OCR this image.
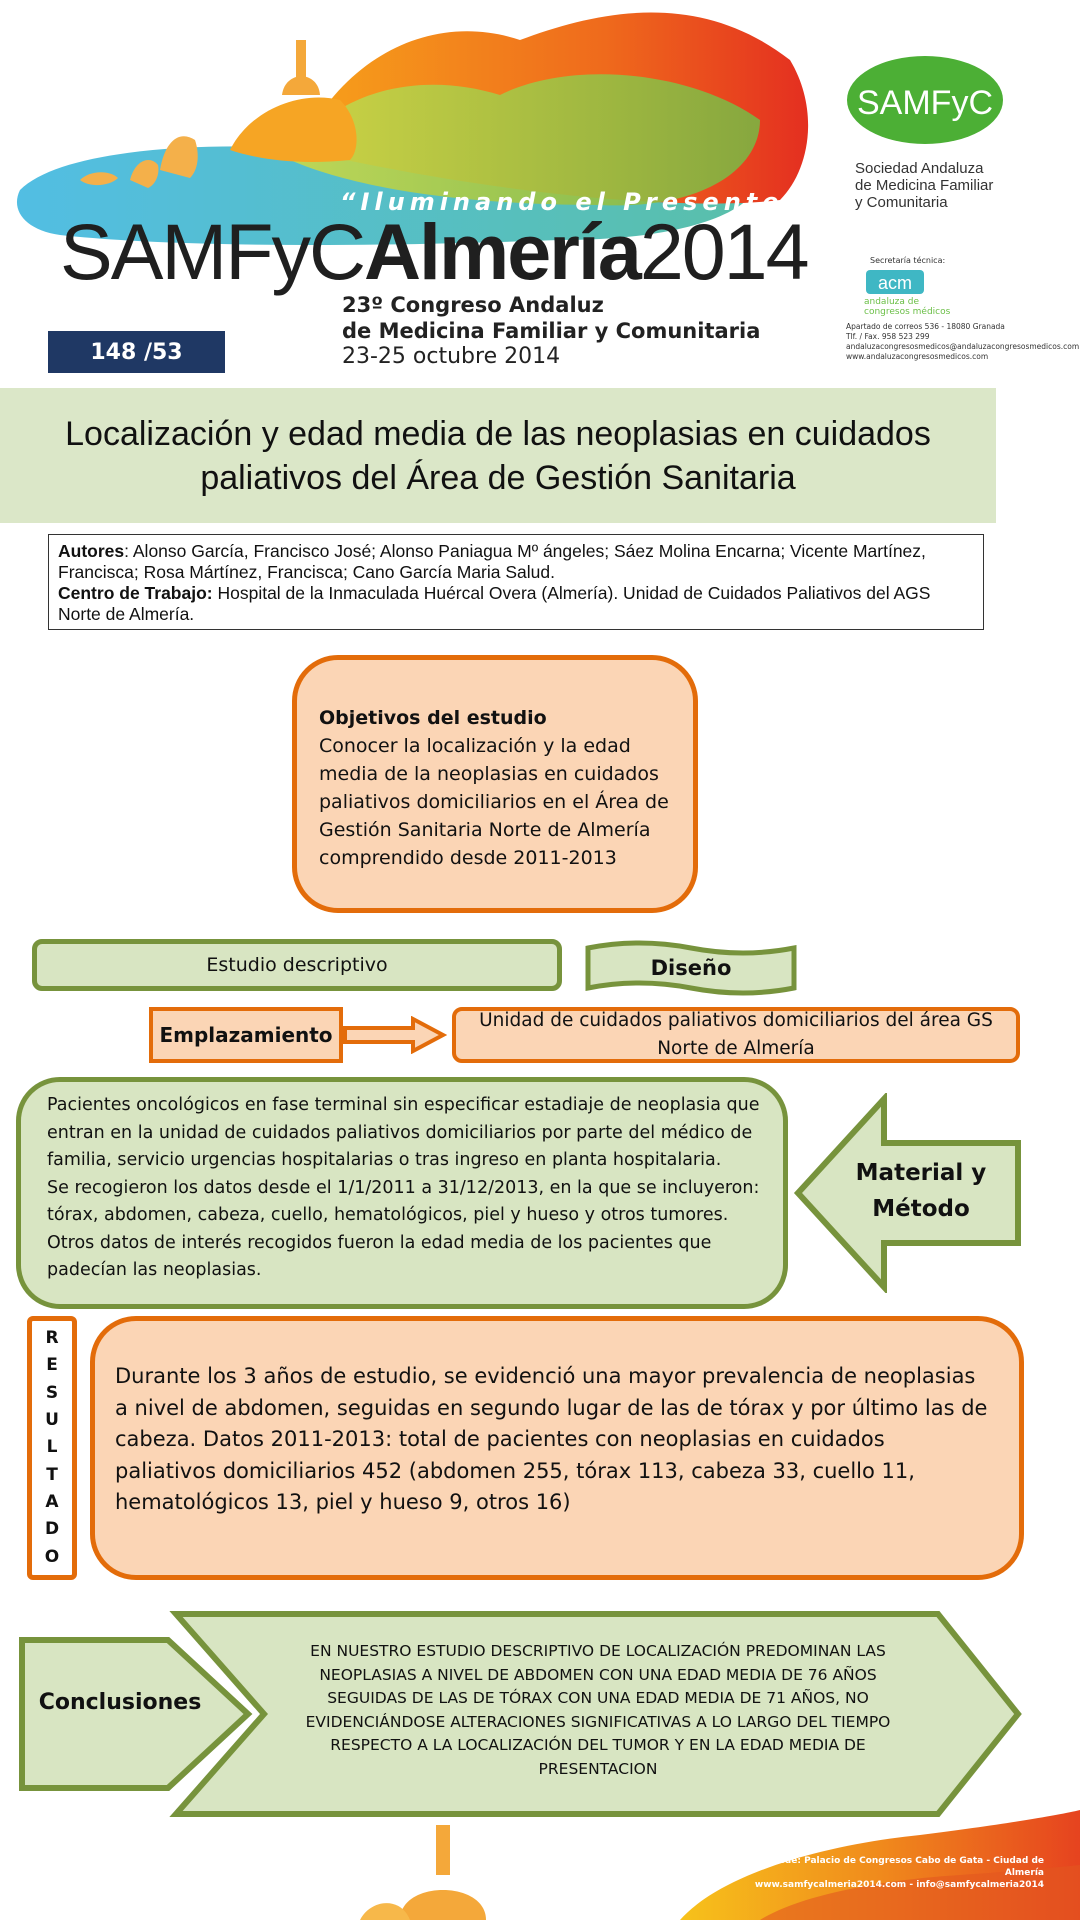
“Iluminando el Presente”
SAMFyCAlmería2014
23º Congreso Andaluz
de Medicina Familiar y Comunitaria
23-25 octubre 2014
148 /53
SAMFyC
Sociedad Andaluza
de Medicina Familiar
y Comunitaria
Secretaría técnica:
acm
andaluza de
congresos médicos
Apartado de correos 536 - 18080 Granada
Tlf. / Fax. 958 523 299
andaluzacongresosmedicos@andaluzacongresosmedicos.com
www.andaluzacongresosmedicos.com
Localización y edad media de las neoplasias en cuidados
paliativos del Área de Gestión Sanitaria
Autores: Alonso García, Francisco José; Alonso Paniagua Mº ángeles; Sáez Molina Encarna; Vicente Martínez, Francisca; Rosa Mártínez, Francisca; Cano García Maria Salud.
Centro de Trabajo: Hospital de la Inmaculada Huércal Overa (Almería). Unidad de Cuidados Paliativos del AGS Norte de Almería.
Objetivos del estudio
Conocer la localización y la edad media de la neoplasias en cuidados paliativos domiciliarios en el Área de Gestión Sanitaria Norte de Almería comprendido desde 2011-2013
Estudio descriptivo	Diseño
Emplazamiento
Unidad de cuidados paliativos domiciliarios del área GS Norte de Almería

Pacientes oncológicos en fase terminal sin especificar estadiaje de neoplasia que entran en la unidad de cuidados paliativos domiciliarios por parte del médico de familia, servicio urgencias hospitalarias o tras ingreso en planta hospitalaria.

Se recogieron los datos desde el 1/1/2011 a 31/12/2013, en la que se incluyeron: tórax, abdomen, cabeza, cuello, hematológicos, piel y hueso y otros tumores. Otros datos de interés recogidos fueron la edad media de los pacientes que padecían las neoplasias.

Material y
Método
R
E
S
U
L
T
A
D
O
Durante los 3 años de estudio, se evidenció una mayor prevalencia de neoplasias a nivel de abdomen, seguidas en segundo lugar de las de tórax y por último las de cabeza. Datos 2011-2013: total de pacientes con neoplasias en cuidados paliativos domiciliarios 452 (abdomen 255, tórax 113, cabeza 33, cuello 11, hematológicos 13, piel y hueso 9, otros 16)
Conclusiones
EN NUESTRO ESTUDIO DESCRIPTIVO DE LOCALIZACIÓN PREDOMINAN LAS NEOPLASIAS A NIVEL DE ABDOMEN CON UNA EDAD MEDIA DE 76 AÑOS SEGUIDAS DE LAS DE TÓRAX CON UNA EDAD MEDIA DE 71 AÑOS, NO EVIDENCIÁNDOSE ALTERACIONES SIGNIFICATIVAS A LO LARGO DEL TIEMPO RESPECTO A LA LOCALIZACIÓN DEL TUMOR Y EN LA EDAD MEDIA DE PRESENTACION
Sede: Palacio de Congresos Cabo de Gata - Ciudad de Almería
www.samfycalmeria2014.com - info@samfycalmeria2014
